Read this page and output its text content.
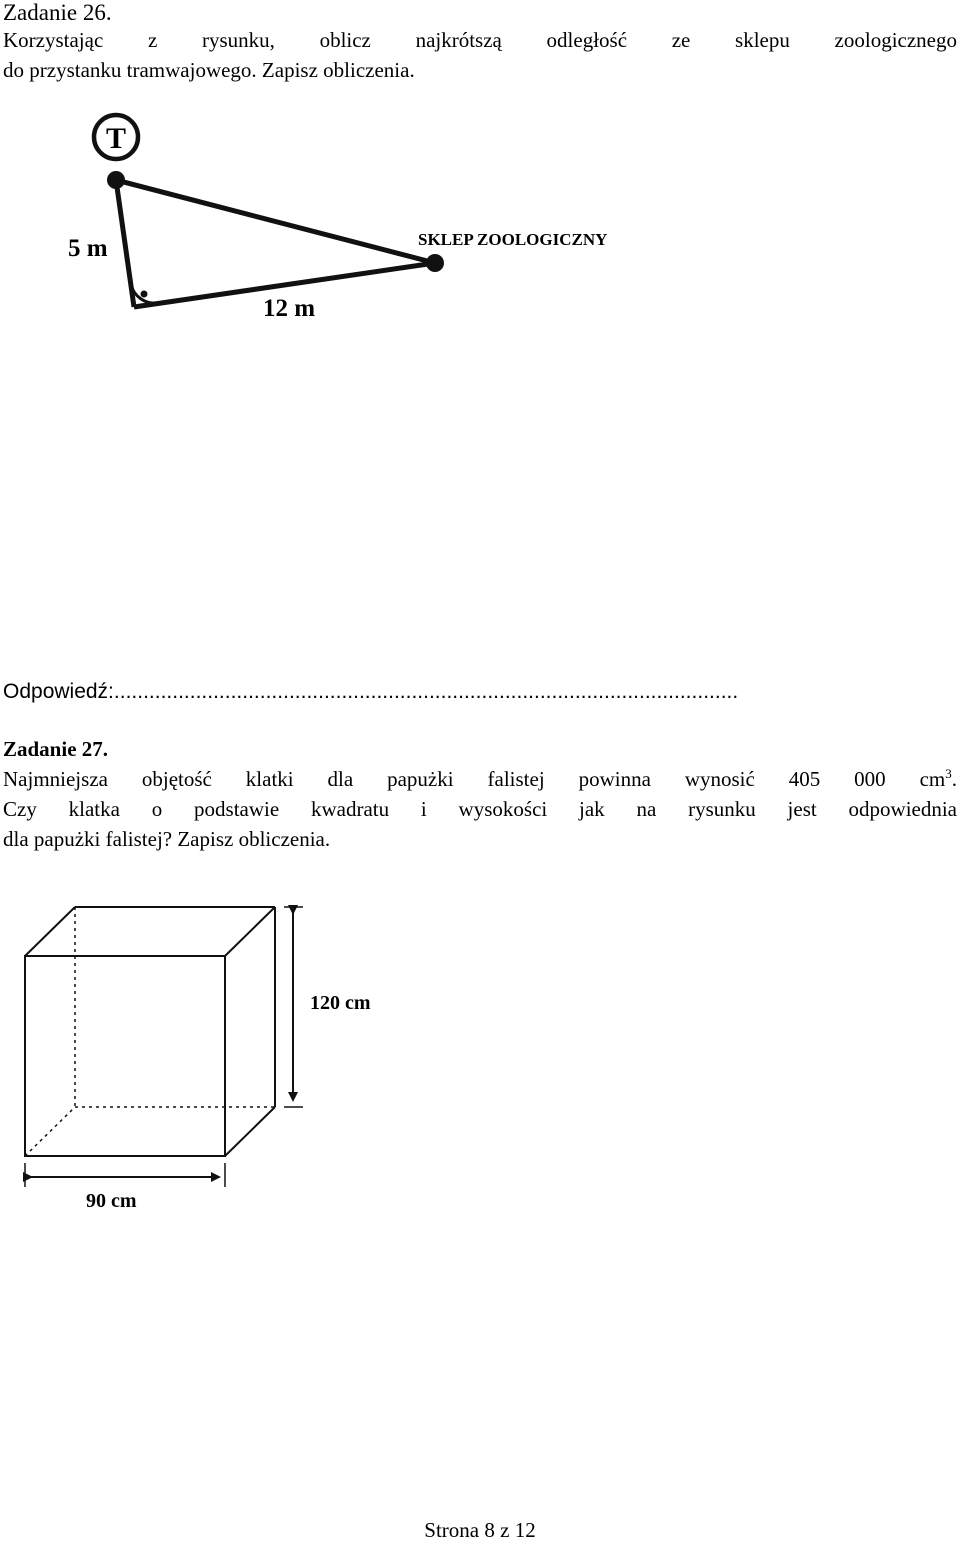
Zadanie 26.
Korzystając z rysunku, oblicz najkrótszą odległość ze sklepu zoologicznego
do przystanku tramwajowego. Zapisz obliczenia.
T
5 m
12 m
SKLEP ZOOLOGICZNY
Odpowiedź:...........................................................................................................
Zadanie 27.
Najmniejsza objętość klatki dla papużki falistej powinna wynosić 405 000 $cm^3$.
Czy klatka o podstawie kwadratu i wysokości jak na rysunku jest odpowiednia
dla papużki falistej? Zapisz obliczenia.
120 cm
90 cm
Strona 8 z 12
